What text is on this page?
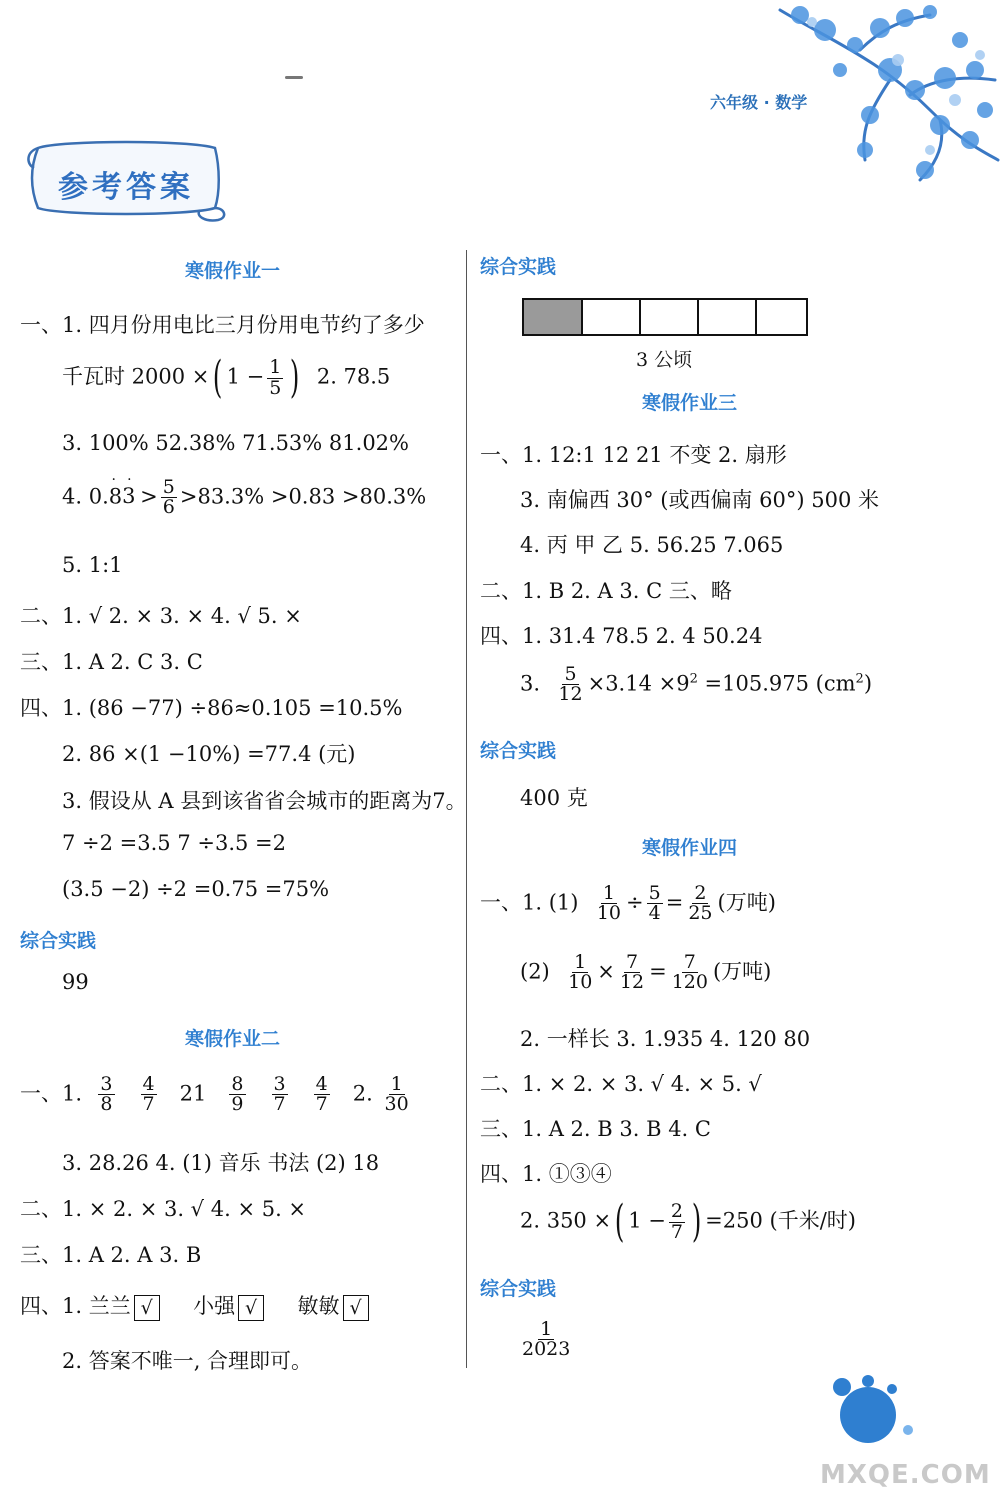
六年级 · 数学
参考答案
寒假作业一
一、1. 四月份用电比三月份用电节约了多少
千瓦时 2000 ×( $1 - \frac{1}{5}$ ) 2. 78.5
3. 100% 52.38% 71.53% 81.02%
4. 0.83
·
·
> $\frac{5}{6} >83.3\% >0.83 >80.3\%$
5. 1:1
二、1. √ 2. × 3. × 4. √ 5. ×
三、1. A 2. C 3. C
四、1. (86 −77) ÷86≈0.105 =10.5%
2. 86 ×(1 −10%) =77.4 (元)
3. 假设从 A 县到该省省会城市的距离为7。
7 ÷2 =3.5 7 ÷3.5 =2
(3.5 −2) ÷2 =0.75 =75%
综合实践
99
寒假作业二
一、1. $\frac{3}{8}$
$\frac{4}{7} 21 \frac{8}{9}$
$\frac{3}{7}$
$\frac{4}{7} 2$. $\frac{1}{30}$
3. 28.26 4. (1) 音乐 书法 (2) 18
二、1. × 2. × 3. √ 4. × 5. ×
三、1. A 2. A 3. B
四、1. 兰兰 √ 小强 √ 敏敏 √
2. 答案不唯一, 合理即可。
综合实践
3 公顷
寒假作业三
一、1. 12:1 12 21 不变 2. 扇形
3. 南偏西 30° (或西偏南 60°) 500 米
4. 丙 甲 乙 5. 56.25 7.065
二、1. B 2. A 3. C 三、略
四、1. 31.4 78.5 2. 4 50.24
3. $\frac{5}{12} \times 3.14 \times 9^2 =105.975$ $(cm^2)$
综合实践
400 克
寒假作业四
一、1. $(1) \frac{1}{10} \div \frac{5}{4} = \frac{2}{25}$ (万吨)
$(2) \frac{1}{10} \times \frac{7}{12} = \frac{7}{120}$ (万吨)
2. 一样长 3. 1.935 4. 120 80
二、1. × 2. × 3. √ 4. × 5. √
三、1. A 2. B 3. B 4. C
四、1. ①③④
2. 350 ×( $1 - \frac{2}{7}$ ) =250 (千米/时)
综合实践
$\frac{1}{2023}$
MXQE.COM
